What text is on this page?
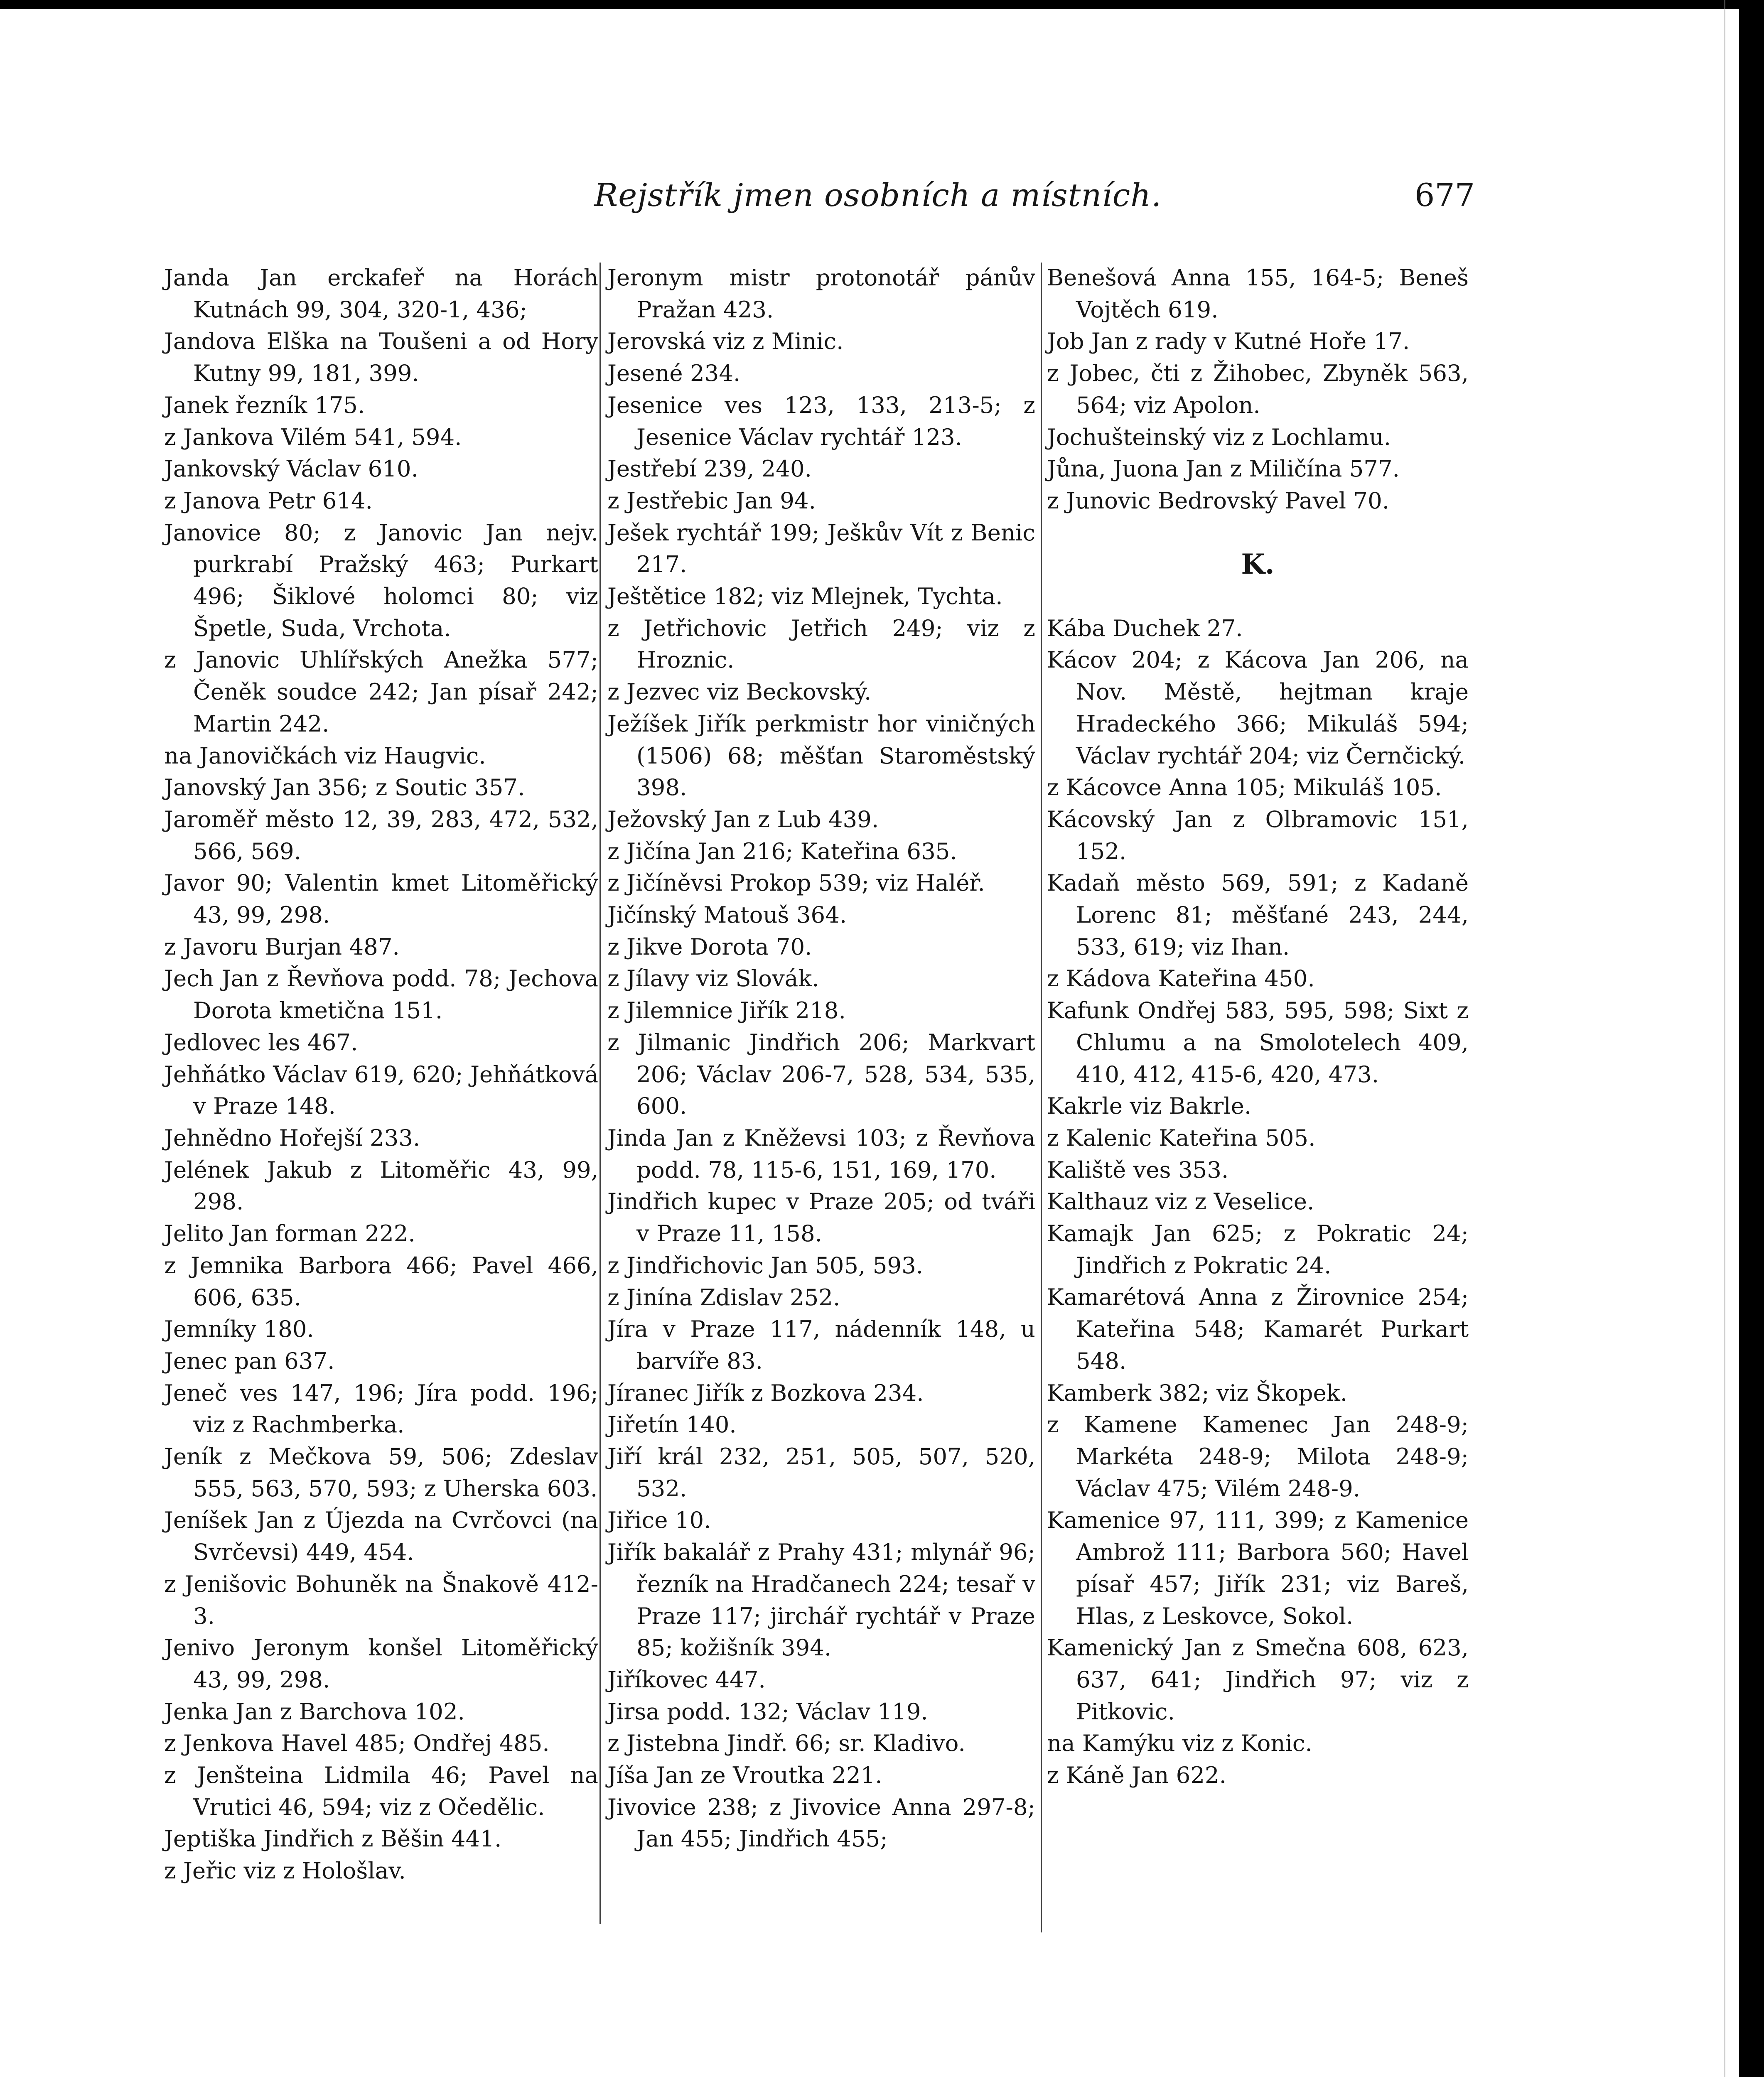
Rejstřík jmen osobních a místních.	677
Janda Jan erckafeř na Horách Kutnách 99, 304, 320-1, 436;
Jandova Elška na Toušeni a od Hory Kutny 99, 181, 399.
Janek řezník 175.
z Jankova Vilém 541, 594.
Jankovský Václav 610.
z Janova Petr 614.
Janovice 80; z Janovic Jan nejv. purkrabí Pražský 463; Purkart 496; Šiklové holomci 80; viz Špetle, Suda, Vrchota.
z Janovic Uhlířských Anežka 577; Čeněk soudce 242; Jan písař 242; Martin 242.
na Janovičkách viz Haugvic.
Janovský Jan 356; z Soutic 357.
Jaroměř město 12, 39, 283, 472, 532, 566, 569.
Javor 90; Valentin kmet Litoměřický 43, 99, 298.
z Javoru Burjan 487.
Jech Jan z Řevňova podd. 78; Jechova Dorota kmetična 151.
Jedlovec les 467.
Jehňátko Václav 619, 620; Jehňátková v Praze 148.
Jehnědno Hořejší 233.
Jelének Jakub z Litoměřic 43, 99, 298.
Jelito Jan forman 222.
z Jemnika Barbora 466; Pavel 466, 606, 635.
Jemníky 180.
Jenec pan 637.
Jeneč ves 147, 196; Jíra podd. 196; viz z Rachmberka.
Jeník z Mečkova 59, 506; Zdeslav 555, 563, 570, 593; z Uherska 603.
Jeníšek Jan z Újezda na Cvrčovci (na Svrčevsi) 449, 454.
z Jenišovic Bohuněk na Šnakově 412-3.
Jenivo Jeronym konšel Litoměřický 43, 99, 298.
Jenka Jan z Barchova 102.
z Jenkova Havel 485; Ondřej 485.
z Jenšteina Lidmila 46; Pavel na Vrutici 46, 594; viz z Očedělic.
Jeptiška Jindřich z Běšin 441.
z Jeřic viz z Hološlav.
Jeronym mistr protonotář pánův Pražan 423.
Jerovská viz z Minic.
Jesené 234.
Jesenice ves 123, 133, 213-5; z Jesenice Václav rychtář 123.
Jestřebí 239, 240.
z Jestřebic Jan 94.
Ješek rychtář 199; Ješkův Vít z Benic 217.
Ještětice 182; viz Mlejnek, Tychta.
z Jetřichovic Jetřich 249; viz z Hroznic.
z Jezvec viz Beckovský.
Ježíšek Jiřík perkmistr hor viničných (1506) 68; měšťan Staroměstský 398.
Ježovský Jan z Lub 439.
z Jičína Jan 216; Kateřina 635.
z Jičíněvsi Prokop 539; viz Haléř.
Jičínský Matouš 364.
z Jikve Dorota 70.
z Jílavy viz Slovák.
z Jilemnice Jiřík 218.
z Jilmanic Jindřich 206; Markvart 206; Václav 206-7, 528, 534, 535, 600.
Jinda Jan z Kněževsi 103; z Řevňova podd. 78, 115-6, 151, 169, 170.
Jindřich kupec v Praze 205; od tváři v Praze 11, 158.
z Jindřichovic Jan 505, 593.
z Jinína Zdislav 252.
Jíra v Praze 117, nádenník 148, u barvíře 83.
Jíranec Jiřík z Bozkova 234.
Jiřetín 140.
Jiří král 232, 251, 505, 507, 520, 532.
Jiřice 10.
Jiřík bakalář z Prahy 431; mlynář 96; řezník na Hradčanech 224; tesař v Praze 117; jirchář rychtář v Praze 85; kožišník 394.
Jiříkovec 447.
Jirsa podd. 132; Václav 119.
z Jistebna Jindř. 66; sr. Kladivo.
Jíša Jan ze Vroutka 221.
Jivovice 238; z Jivovice Anna 297-8; Jan 455; Jindřich 455;
Benešová Anna 155, 164-5; Beneš Vojtěch 619.
Job Jan z rady v Kutné Hoře 17.
z Jobec, čti z Žihobec, Zbyněk 563, 564; viz Apolon.
Jochušteinský viz z Lochlamu.
Jůna, Juona Jan z Miličína 577.
z Junovic Bedrovský Pavel 70.
K.
Kába Duchek 27.
Kácov 204; z Kácova Jan 206, na Nov. Městě, hejtman kraje Hradeckého 366; Mikuláš 594; Václav rychtář 204; viz Černčický.
z Kácovce Anna 105; Mikuláš 105.
Kácovský Jan z Olbramovic 151, 152.
Kadaň město 569, 591; z Kadaně Lorenc 81; měšťané 243, 244, 533, 619; viz Ihan.
z Kádova Kateřina 450.
Kafunk Ondřej 583, 595, 598; Sixt z Chlumu a na Smolotelech 409, 410, 412, 415-6, 420, 473.
Kakrle viz Bakrle.
z Kalenic Kateřina 505.
Kaliště ves 353.
Kalthauz viz z Veselice.
Kamajk Jan 625; z Pokratic 24; Jindřich z Pokratic 24.
Kamarétová Anna z Žirovnice 254; Kateřina 548; Kamarét Purkart 548.
Kamberk 382; viz Škopek.
z Kamene Kamenec Jan 248-9; Markéta 248-9; Milota 248-9; Václav 475; Vilém 248-9.
Kamenice 97, 111, 399; z Kamenice Ambrož 111; Barbora 560; Havel písař 457; Jiřík 231; viz Bareš, Hlas, z Leskovce, Sokol.
Kamenický Jan z Smečna 608, 623, 637, 641; Jindřich 97; viz z Pitkovic.
na Kamýku viz z Konic.
z Káně Jan 622.
